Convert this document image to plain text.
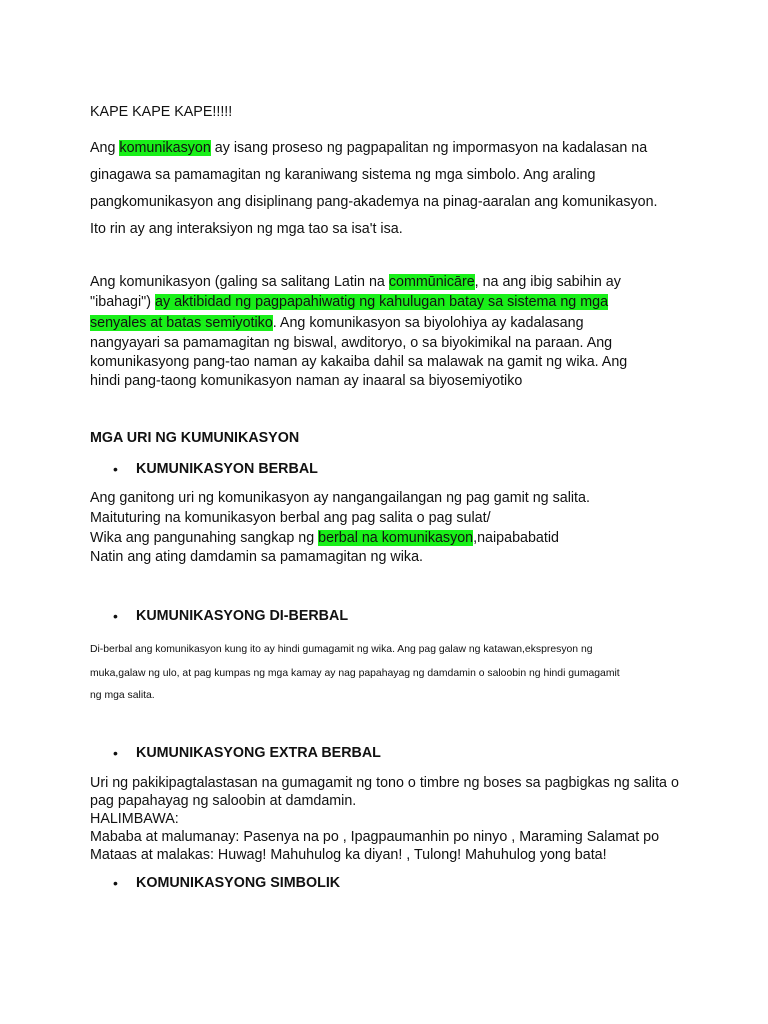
KAPE KAPE KAPE!!!!!
Ang komunikasyon ay isang proseso ng pagpapalitan ng impormasyon na kadalasan na
ginagawa sa pamamagitan ng karaniwang sistema ng mga simbolo. Ang araling
pangkomunikasyon ang disiplinang pang-akademya na pinag-aaralan ang komunikasyon.
Ito rin ay ang interaksiyon ng mga tao sa isa't isa.
Ang komunikasyon (galing sa salitang Latin na commūnicāre, na ang ibig sabihin ay
"ibahagi") ay aktibidad ng pagpapahiwatig ng kahulugan batay sa sistema ng mga
senyales at batas semiyotiko. Ang komunikasyon sa biyolohiya ay kadalasang
nangyayari sa pamamagitan ng biswal, awditoryo, o sa biyokimikal na paraan. Ang
komunikasyong pang-tao naman ay kakaiba dahil sa malawak na gamit ng wika. Ang
hindi pang-taong komunikasyon naman ay inaaral sa biyosemiyotiko
MGA URI NG KUMUNIKASYON
• KUMUNIKASYON BERBAL
Ang ganitong uri ng komunikasyon ay nangangailangan ng pag gamit ng salita.
Maituturing na komunikasyon berbal ang pag salita o pag sulat/
Wika ang pangunahing sangkap ng berbal na komunikasyon,naipababatid
Natin ang ating damdamin sa pamamagitan ng wika.
• KUMUNIKASYONG DI-BERBAL
Di-berbal ang komunikasyon kung ito ay hindi gumagamit ng wika. Ang pag galaw ng katawan,ekspresyon ng
muka,galaw ng ulo, at pag kumpas ng mga kamay ay nag papahayag ng damdamin o saloobin ng hindi gumagamit
ng mga salita.
• KUMUNIKASYONG EXTRA BERBAL
Uri ng pakikipagtalastasan na gumagamit ng tono o timbre ng boses sa pagbigkas ng salita o
pag papahayag ng saloobin at damdamin.
HALIMBAWA:
Mababa at malumanay: Pasenya na po , Ipagpaumanhin po ninyo , Maraming Salamat po
Mataas at malakas: Huwag! Mahuhulog ka diyan! , Tulong! Mahuhulog yong bata!
• KOMUNIKASYONG SIMBOLIK
